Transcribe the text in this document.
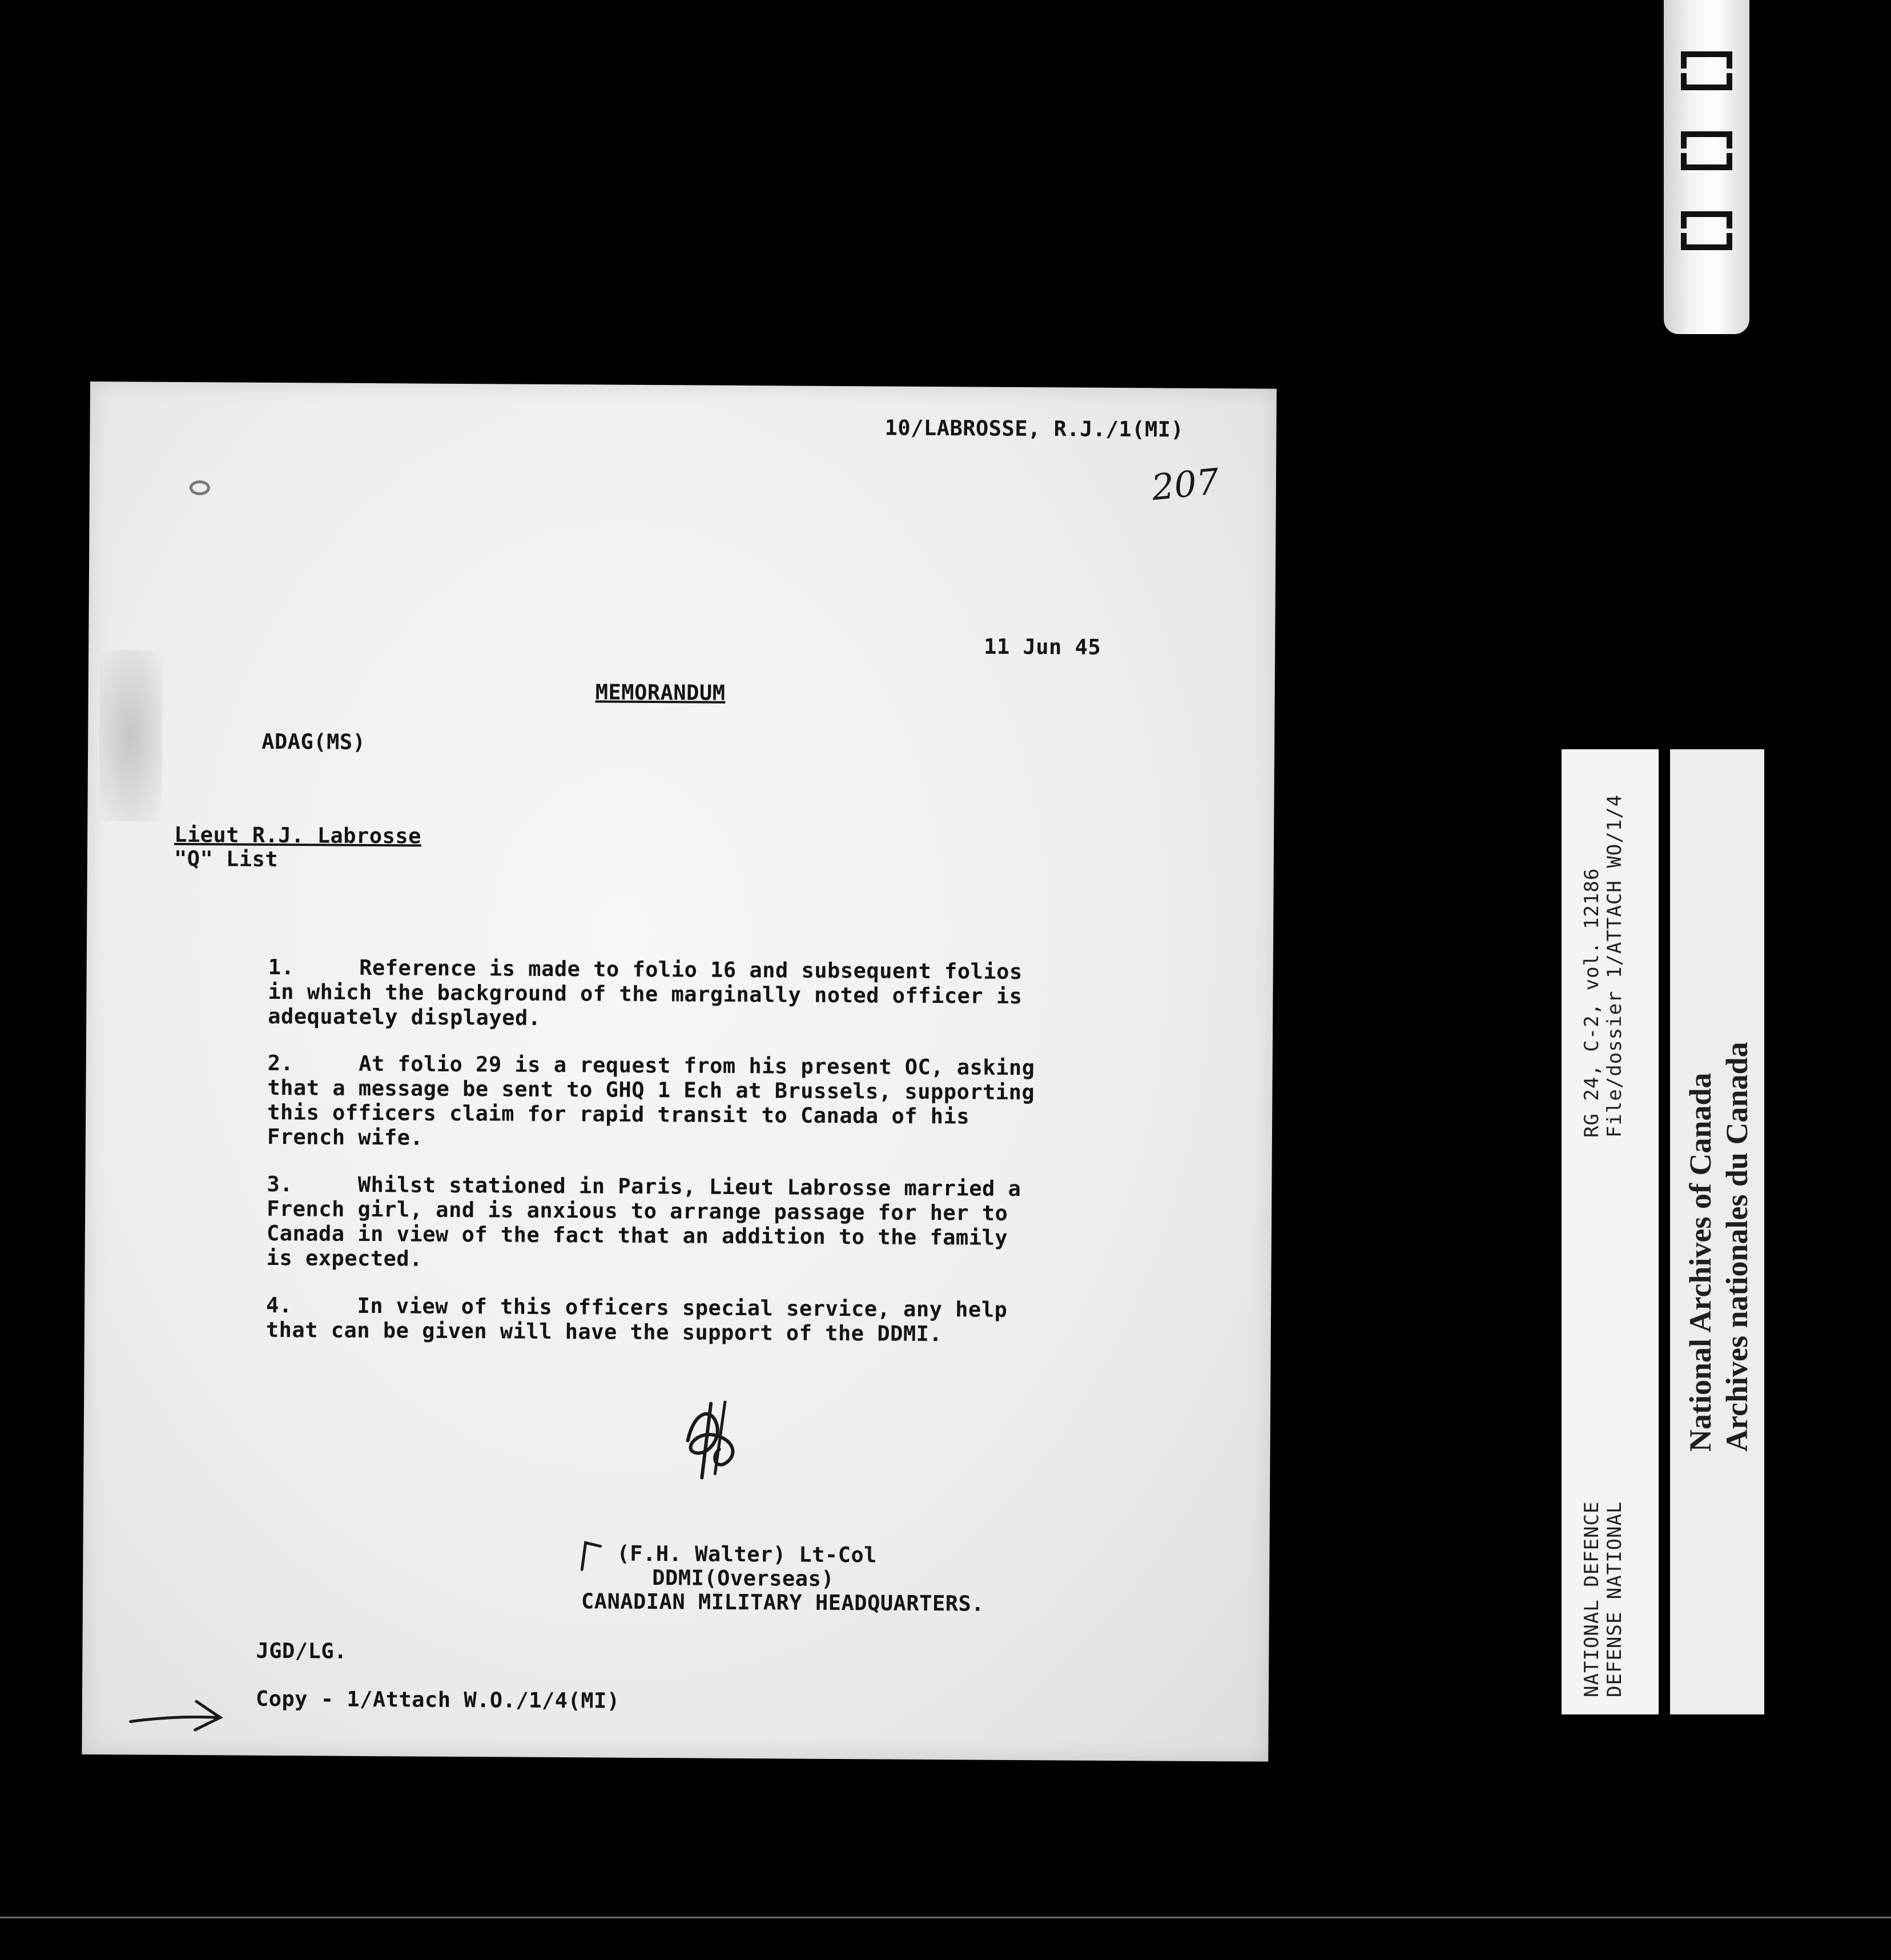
10/LABROSSE, R.J./1(MI)

207

11 Jun 45

MEMORANDUM

ADAG(MS)

Lieut R.J. Labrosse

"Q" List

1.     Reference is made to folio 16 and subsequent folios
in which the background of the marginally noted officer is
adequately displayed.

2.     At folio 29 is a request from his present OC, asking
that a message be sent to GHQ 1 Ech at Brussels, supporting
this officers claim for rapid transit to Canada of his
French wife.

3.     Whilst stationed in Paris, Lieut Labrosse married a
French girl, and is anxious to arrange passage for her to
Canada in view of the fact that an addition to the family
is expected.

4.     In view of this officers special service, any help
that can be given will have the support of the DDMI.

(F.H. Walter) Lt-Col

DDMI(Overseas)

CANADIAN MILITARY HEADQUARTERS.

JGD/LG.

Copy - 1/Attach W.O./1/4(MI)

RG 24, C-2, vol. 12186 File/dossier 1/ATTACH WO/1/4
NATIONAL DEFENCE DEFENSE NATIONAL
National Archives of Canada Archives nationales du Canada
